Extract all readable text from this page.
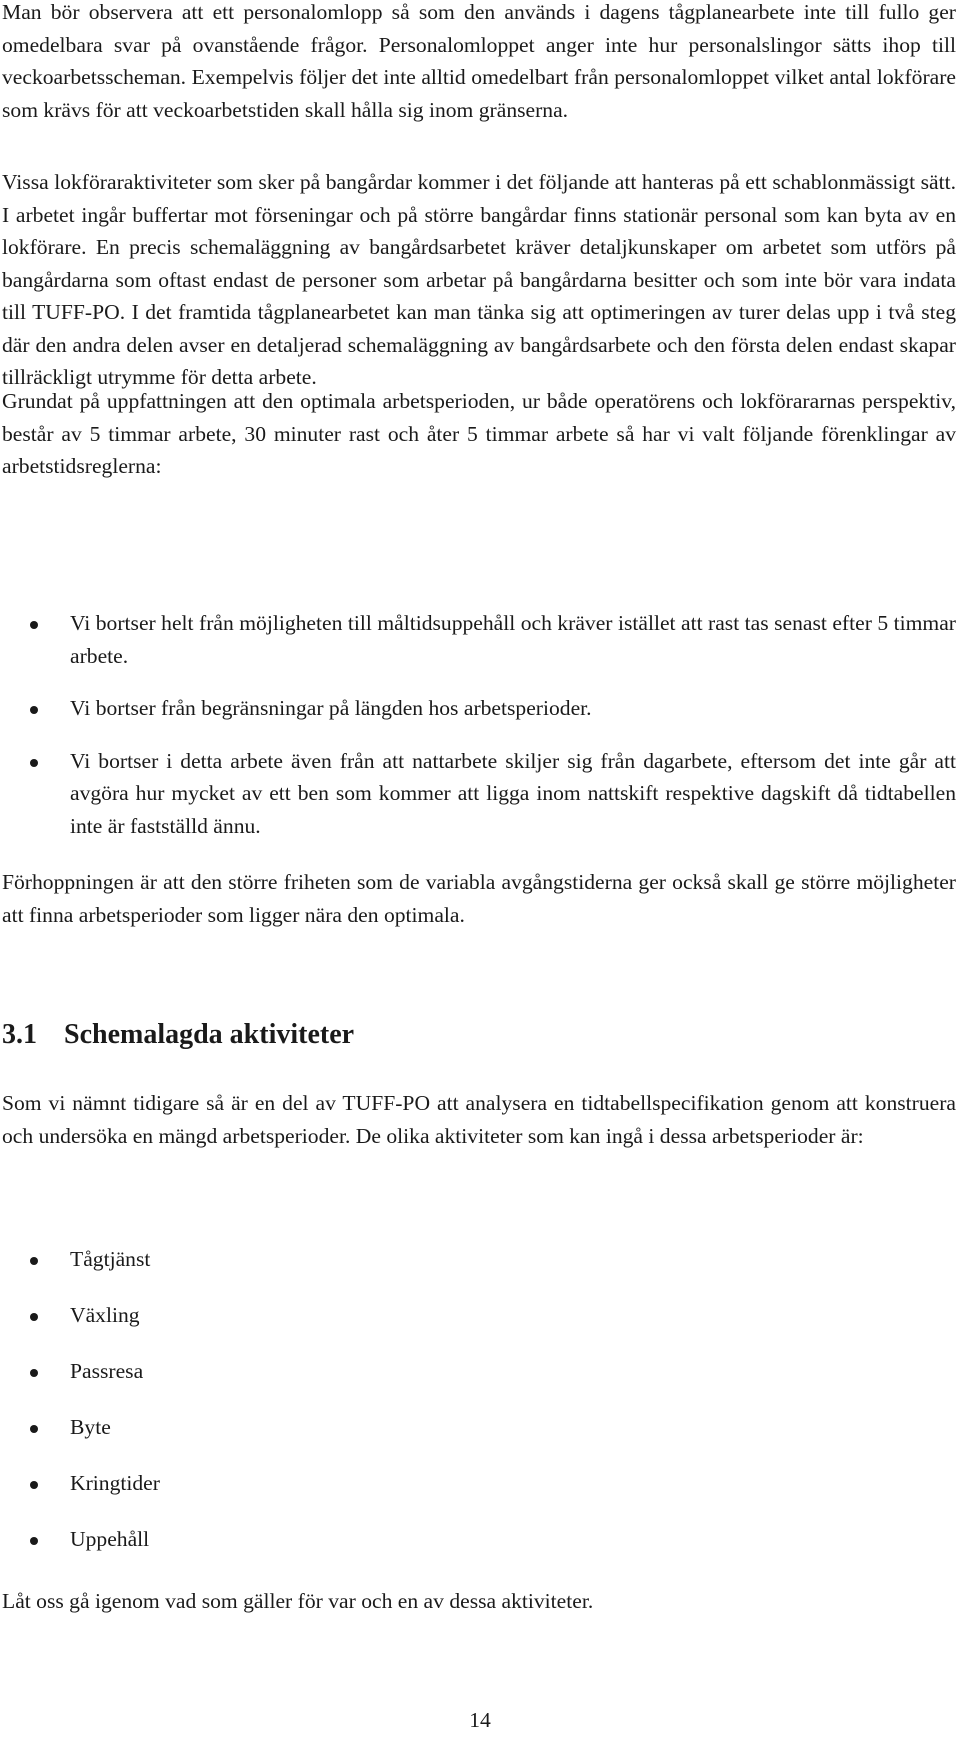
Man bör observera att ett personalomlopp så som den används i dagens tågplanearbete inte till fullo ger omedelbara svar på ovanstående frågor. Personalomloppet anger inte hur personalslingor sätts ihop till veckoarbetsscheman. Exempelvis följer det inte alltid omedelbart från personalomloppet vilket antal lokförare som krävs för att veckoarbetstiden skall hålla sig inom gränserna.

Vissa lokföraraktiviteter som sker på bangårdar kommer i det följande att hanteras på ett schablonmässigt sätt. I arbetet ingår buffertar mot förseningar och på större bangårdar finns stationär personal som kan byta av en lokförare. En precis schemaläggning av bangårdsarbetet kräver detaljkunskaper om arbetet som utförs på bangårdarna som oftast endast de personer som arbetar på bangårdarna besitter och som inte bör vara indata till TUFF-PO. I det framtida tågplanearbetet kan man tänka sig att optimeringen av turer delas upp i två steg där den andra delen avser en detaljerad schemaläggning av bangårdsarbete och den första delen endast skapar tillräckligt utrymme för detta arbete.

Grundat på uppfattningen att den optimala arbetsperioden, ur både operatörens och lokförararnas perspektiv, består av 5 timmar arbete, 30 minuter rast och åter 5 timmar arbete så har vi valt följande förenklingar av arbetstidsreglerna:

Vi bortser helt från möjligheten till måltidsuppehåll och kräver istället att rast tas senast efter 5 timmar arbete.
Vi bortser från begränsningar på längden hos arbetsperioder.
Vi bortser i detta arbete även från att nattarbete skiljer sig från dagarbete, eftersom det inte går att avgöra hur mycket av ett ben som kommer att ligga inom nattskift respektive dagskift då tidtabellen inte är fastställd ännu.

Förhoppningen är att den större friheten som de variabla avgångstiderna ger också skall ge större möjligheter att finna arbetsperioder som ligger nära den optimala.

3.1 Schemalagda aktiviteter

Som vi nämnt tidigare så är en del av TUFF-PO att analysera en tidtabellspecifikation genom att konstruera och undersöka en mängd arbetsperioder. De olika aktiviteter som kan ingå i dessa arbetsperioder är:

Tågtjänst
Växling
Passresa
Byte
Kringtider
Uppehåll

Låt oss gå igenom vad som gäller för var och en av dessa aktiviteter.

14
